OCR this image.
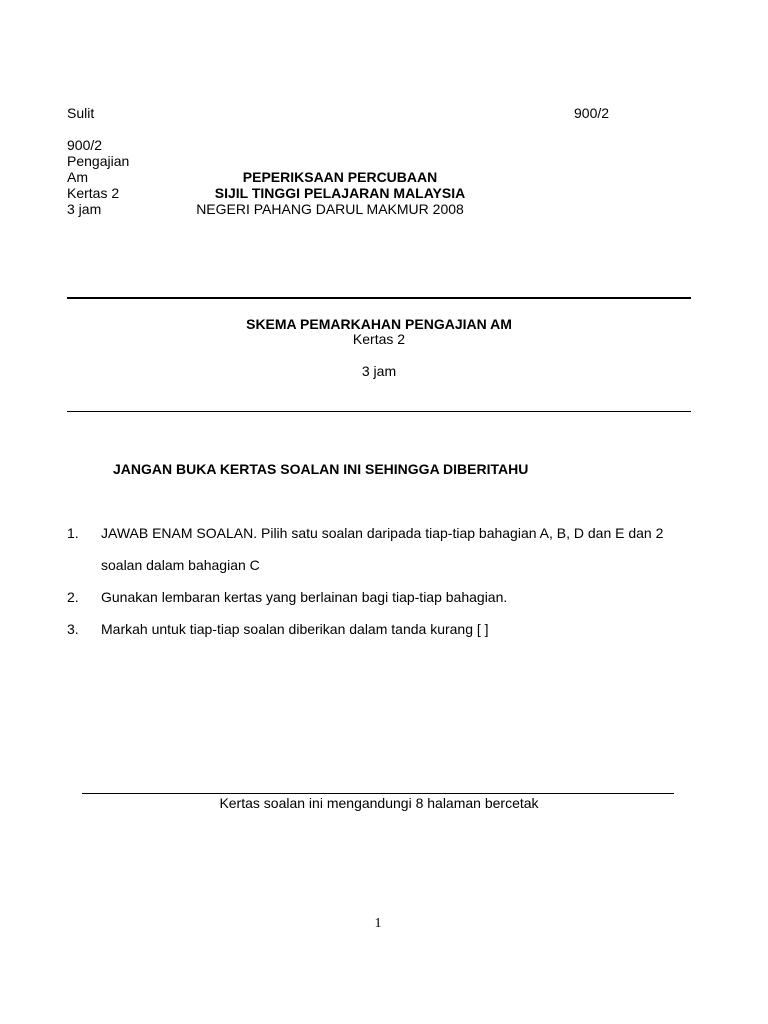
Sulit	900/2
900/2
Pengajian
Am
Kertas 2
3 jam
PEPERIKSAAN PERCUBAAN
SIJIL TINGGI PELAJARAN MALAYSIA
NEGERI PAHANG DARUL MAKMUR 2008
SKEMA PEMARKAHAN PENGAJIAN AM
Kertas 2
3 jam
JANGAN BUKA KERTAS SOALAN INI SEHINGGA DIBERITAHU
1. JAWAB ENAM SOALAN. Pilih satu soalan daripada tiap-tiap bahagian A, B, D dan E dan 2
soalan dalam bahagian C
2. Gunakan lembaran kertas yang berlainan bagi tiap-tiap bahagian.
3. Markah untuk tiap-tiap soalan diberikan dalam tanda kurang [ ]
Kertas soalan ini mengandungi 8 halaman bercetak
1
